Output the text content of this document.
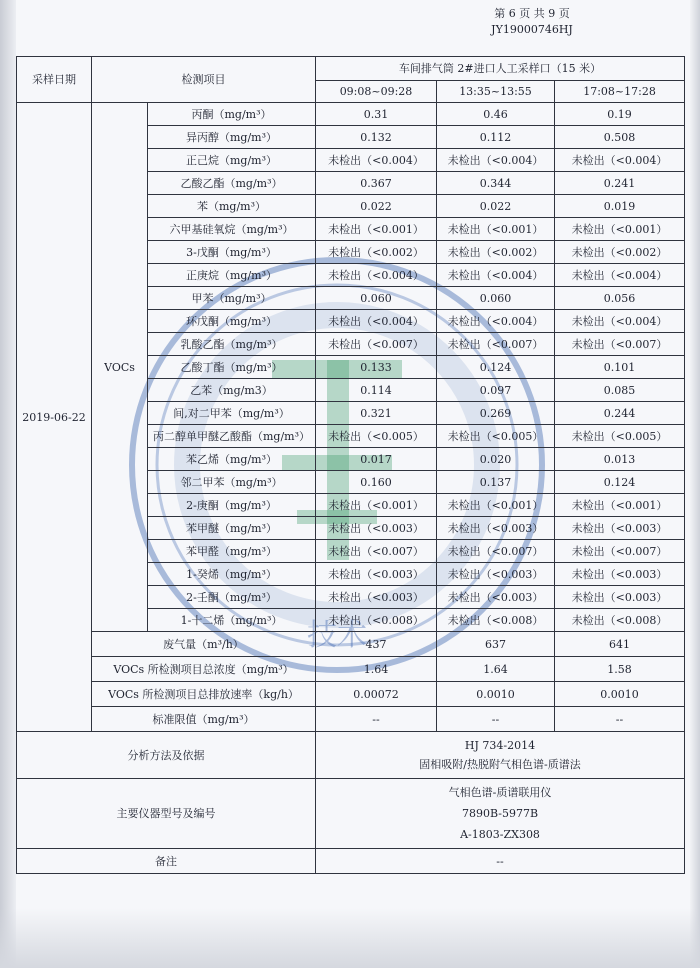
第 6 页 共 9 页
JY19000746HJ
技术
采样日期	检测项目		车间排气筒 2#进口人工采样口（15 米）		
			09:08~09:28	13:35~13:55	17:08~17:28
2019-06-22	VOCs	丙酮（mg/m³）	0.31	0.46	0.19
		异丙醇（mg/m³）	0.132	0.112	0.508
		正己烷（mg/m³）	未检出（<0.004）	未检出（<0.004）	未检出（<0.004）
		乙酸乙酯（mg/m³）	0.367	0.344	0.241
		苯（mg/m³）	0.022	0.022	0.019
		六甲基硅氧烷（mg/m³）	未检出（<0.001）	未检出（<0.001）	未检出（<0.001）
		3-戊酮（mg/m³）	未检出（<0.002）	未检出（<0.002）	未检出（<0.002）
		正庚烷（mg/m³）	未检出（<0.004）	未检出（<0.004）	未检出（<0.004）
		甲苯（mg/m³）	0.060	0.060	0.056
		环戊酮（mg/m³）	未检出（<0.004）	未检出（<0.004）	未检出（<0.004）
		乳酸乙酯（mg/m³）	未检出（<0.007）	未检出（<0.007）	未检出（<0.007）
		乙酸丁酯（mg/m³）	0.133	0.124	0.101
		乙苯（mg/m3）	0.114	0.097	0.085
		间,对二甲苯（mg/m³）	0.321	0.269	0.244
		丙二醇单甲醚乙酸酯（mg/m³）	未检出（<0.005）	未检出（<0.005）	未检出（<0.005）
		苯乙烯（mg/m³）	0.017	0.020	0.013
		邻二甲苯（mg/m³）	0.160	0.137	0.124
		2-庚酮（mg/m³）	未检出（<0.001）	未检出（<0.001）	未检出（<0.001）
		苯甲醚（mg/m³）	未检出（<0.003）	未检出（<0.003）	未检出（<0.003）
		苯甲醛（mg/m³）	未检出（<0.007）	未检出（<0.007）	未检出（<0.007）
		1-癸烯（mg/m³）	未检出（<0.003）	未检出（<0.003）	未检出（<0.003）
		2-壬酮（mg/m³）	未检出（<0.003）	未检出（<0.003）	未检出（<0.003）
		1-十二烯（mg/m³）	未检出（<0.008）	未检出（<0.008）	未检出（<0.008）
	废气量（m³/h）		437	637	641
	VOCs 所检测项目总浓度（mg/m³）		1.64	1.64	1.58
	VOCs 所检测项目总排放速率（kg/h）		0.00072	0.0010	0.0010
	标准限值（mg/m³）		--	--	--
分析方法及依据			HJ 734-2014
固相吸附/热脱附气相色谱-质谱法		

主要仪器型号及编号			气相色谱-质谱联用仪
7890B-5977B
A-1803-ZX308		

备注			--		
